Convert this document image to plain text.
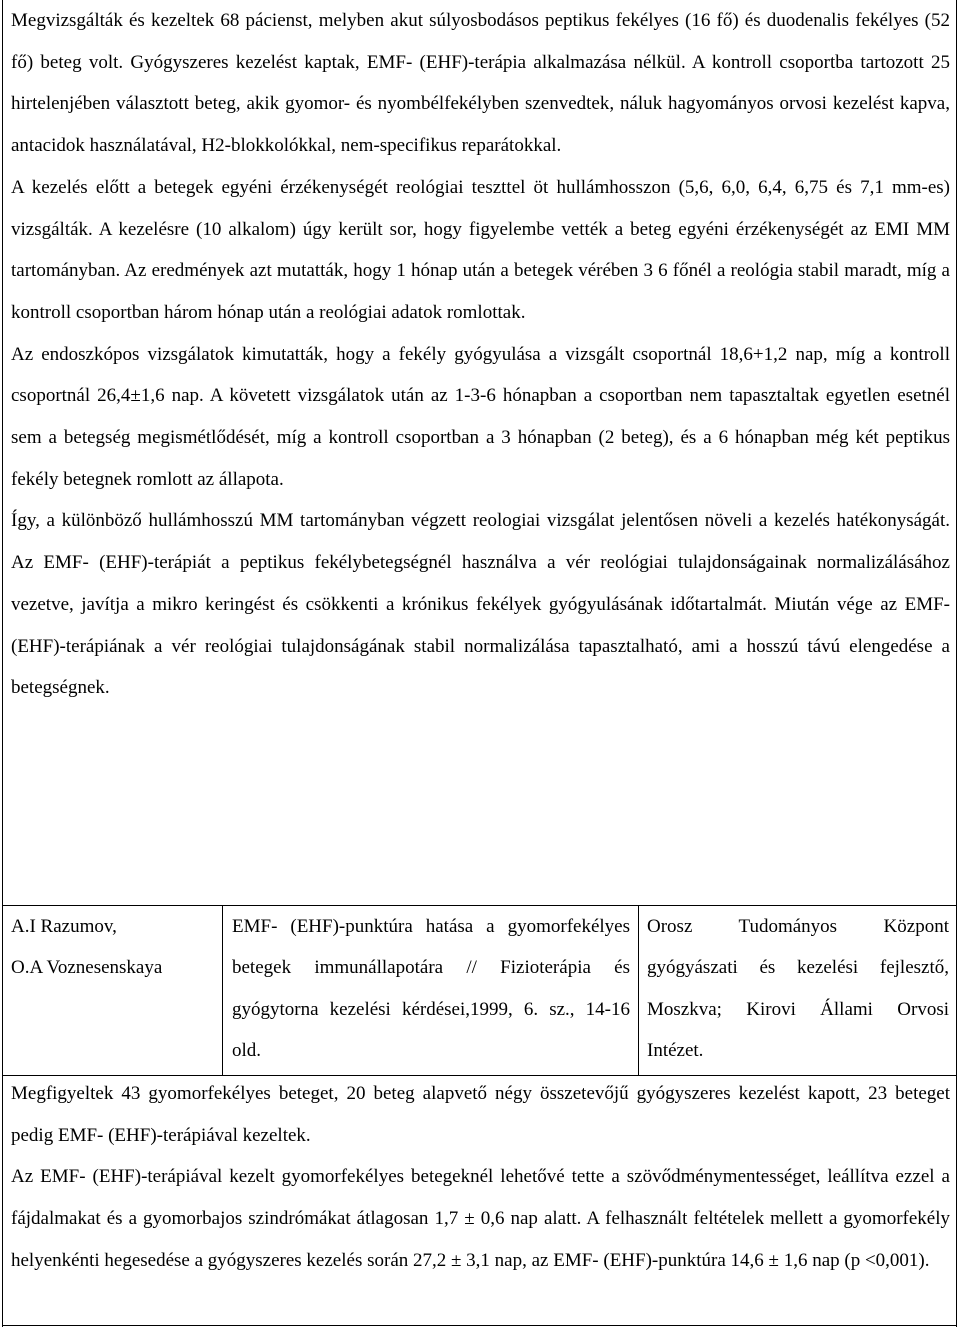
Megvizsgálták és kezeltek 68 pácienst, melyben akut súlyosbodásos peptikus fekélyes (16 fő) és duodenalis fekélyes (52 fő) beteg volt. Gyógyszeres kezelést kaptak, EMF- (EHF)-terápia alkalmazása nélkül. A kontroll csoportba tartozott 25 hirtelenjében választott beteg, akik gyomor- és nyombélfekélyben szenvedtek, náluk hagyományos orvosi kezelést kapva, antacidok használatával, H2-blokkolókkal, nem-specifikus reparátokkal.

A kezelés előtt a betegek egyéni érzékenységét reológiai teszttel öt hullámhosszon (5,6, 6,0, 6,4, 6,75 és 7,1 mm-es) vizsgálták. A kezelésre (10 alkalom) úgy került sor, hogy figyelembe vették a beteg egyéni érzékenységét az EMI MM tartományban. Az eredmények azt mutatták, hogy 1 hónap után a betegek vérében 3 6 főnél a reológia stabil maradt, míg a kontroll csoportban három hónap után a reológiai adatok romlottak.

Az endoszkópos vizsgálatok kimutatták, hogy a fekély gyógyulása a vizsgált csoportnál 18,6+1,2 nap, míg a kontroll csoportnál 26,4±1,6 nap. A követett vizsgálatok után az 1-3-6 hónapban a csoportban nem tapasztaltak egyetlen esetnél sem a betegség megismétlődését, míg a kontroll csoportban a 3 hónapban (2 beteg), és a 6 hónapban még két peptikus fekély betegnek romlott az állapota.

Így, a különböző hullámhosszú MM tartományban végzett reologiai vizsgálat jelentősen növeli a kezelés hatékonyságát. Az EMF- (EHF)-terápiát a peptikus fekélybetegségnél használva a vér reológiai tulajdonságainak normalizálásához vezetve, javítja a mikro keringést és csökkenti a krónikus fekélyek gyógyulásának időtartalmát. Miután vége az EMF- (EHF)-terápiának a vér reológiai tulajdonságának stabil normalizálása tapasztalható, ami a hosszú távú elengedése a betegségnek.

A.I Razumov,
O.A Voznesenskaya
EMF- (EHF)-punktúra hatása a gyomorfekélyes betegek immunállapotára // Fizioterápia és gyógytorna kezelési kérdései,1999, 6. sz., 14-16 old.
Orosz Tudományos Központ gyógyászati és kezelési fejlesztő, Moszkva; Kirovi Állami Orvosi Intézet.

Megfigyeltek 43 gyomorfekélyes beteget, 20 beteg alapvető négy összetevőjű gyógyszeres kezelést kapott, 23 beteget pedig EMF- (EHF)-terápiával kezeltek.

Az EMF- (EHF)-terápiával kezelt gyomorfekélyes betegeknél lehetővé tette a szövődménymentességet, leállítva ezzel a fájdalmakat és a gyomorbajos szindrómákat átlagosan 1,7 ± 0,6 nap alatt. A felhasznált feltételek mellett a gyomorfekély helyenkénti hegesedése a gyógyszeres kezelés során 27,2 ± 3,1 nap, az EMF- (EHF)-punktúra 14,6 ± 1,6 nap (p <0,001).
